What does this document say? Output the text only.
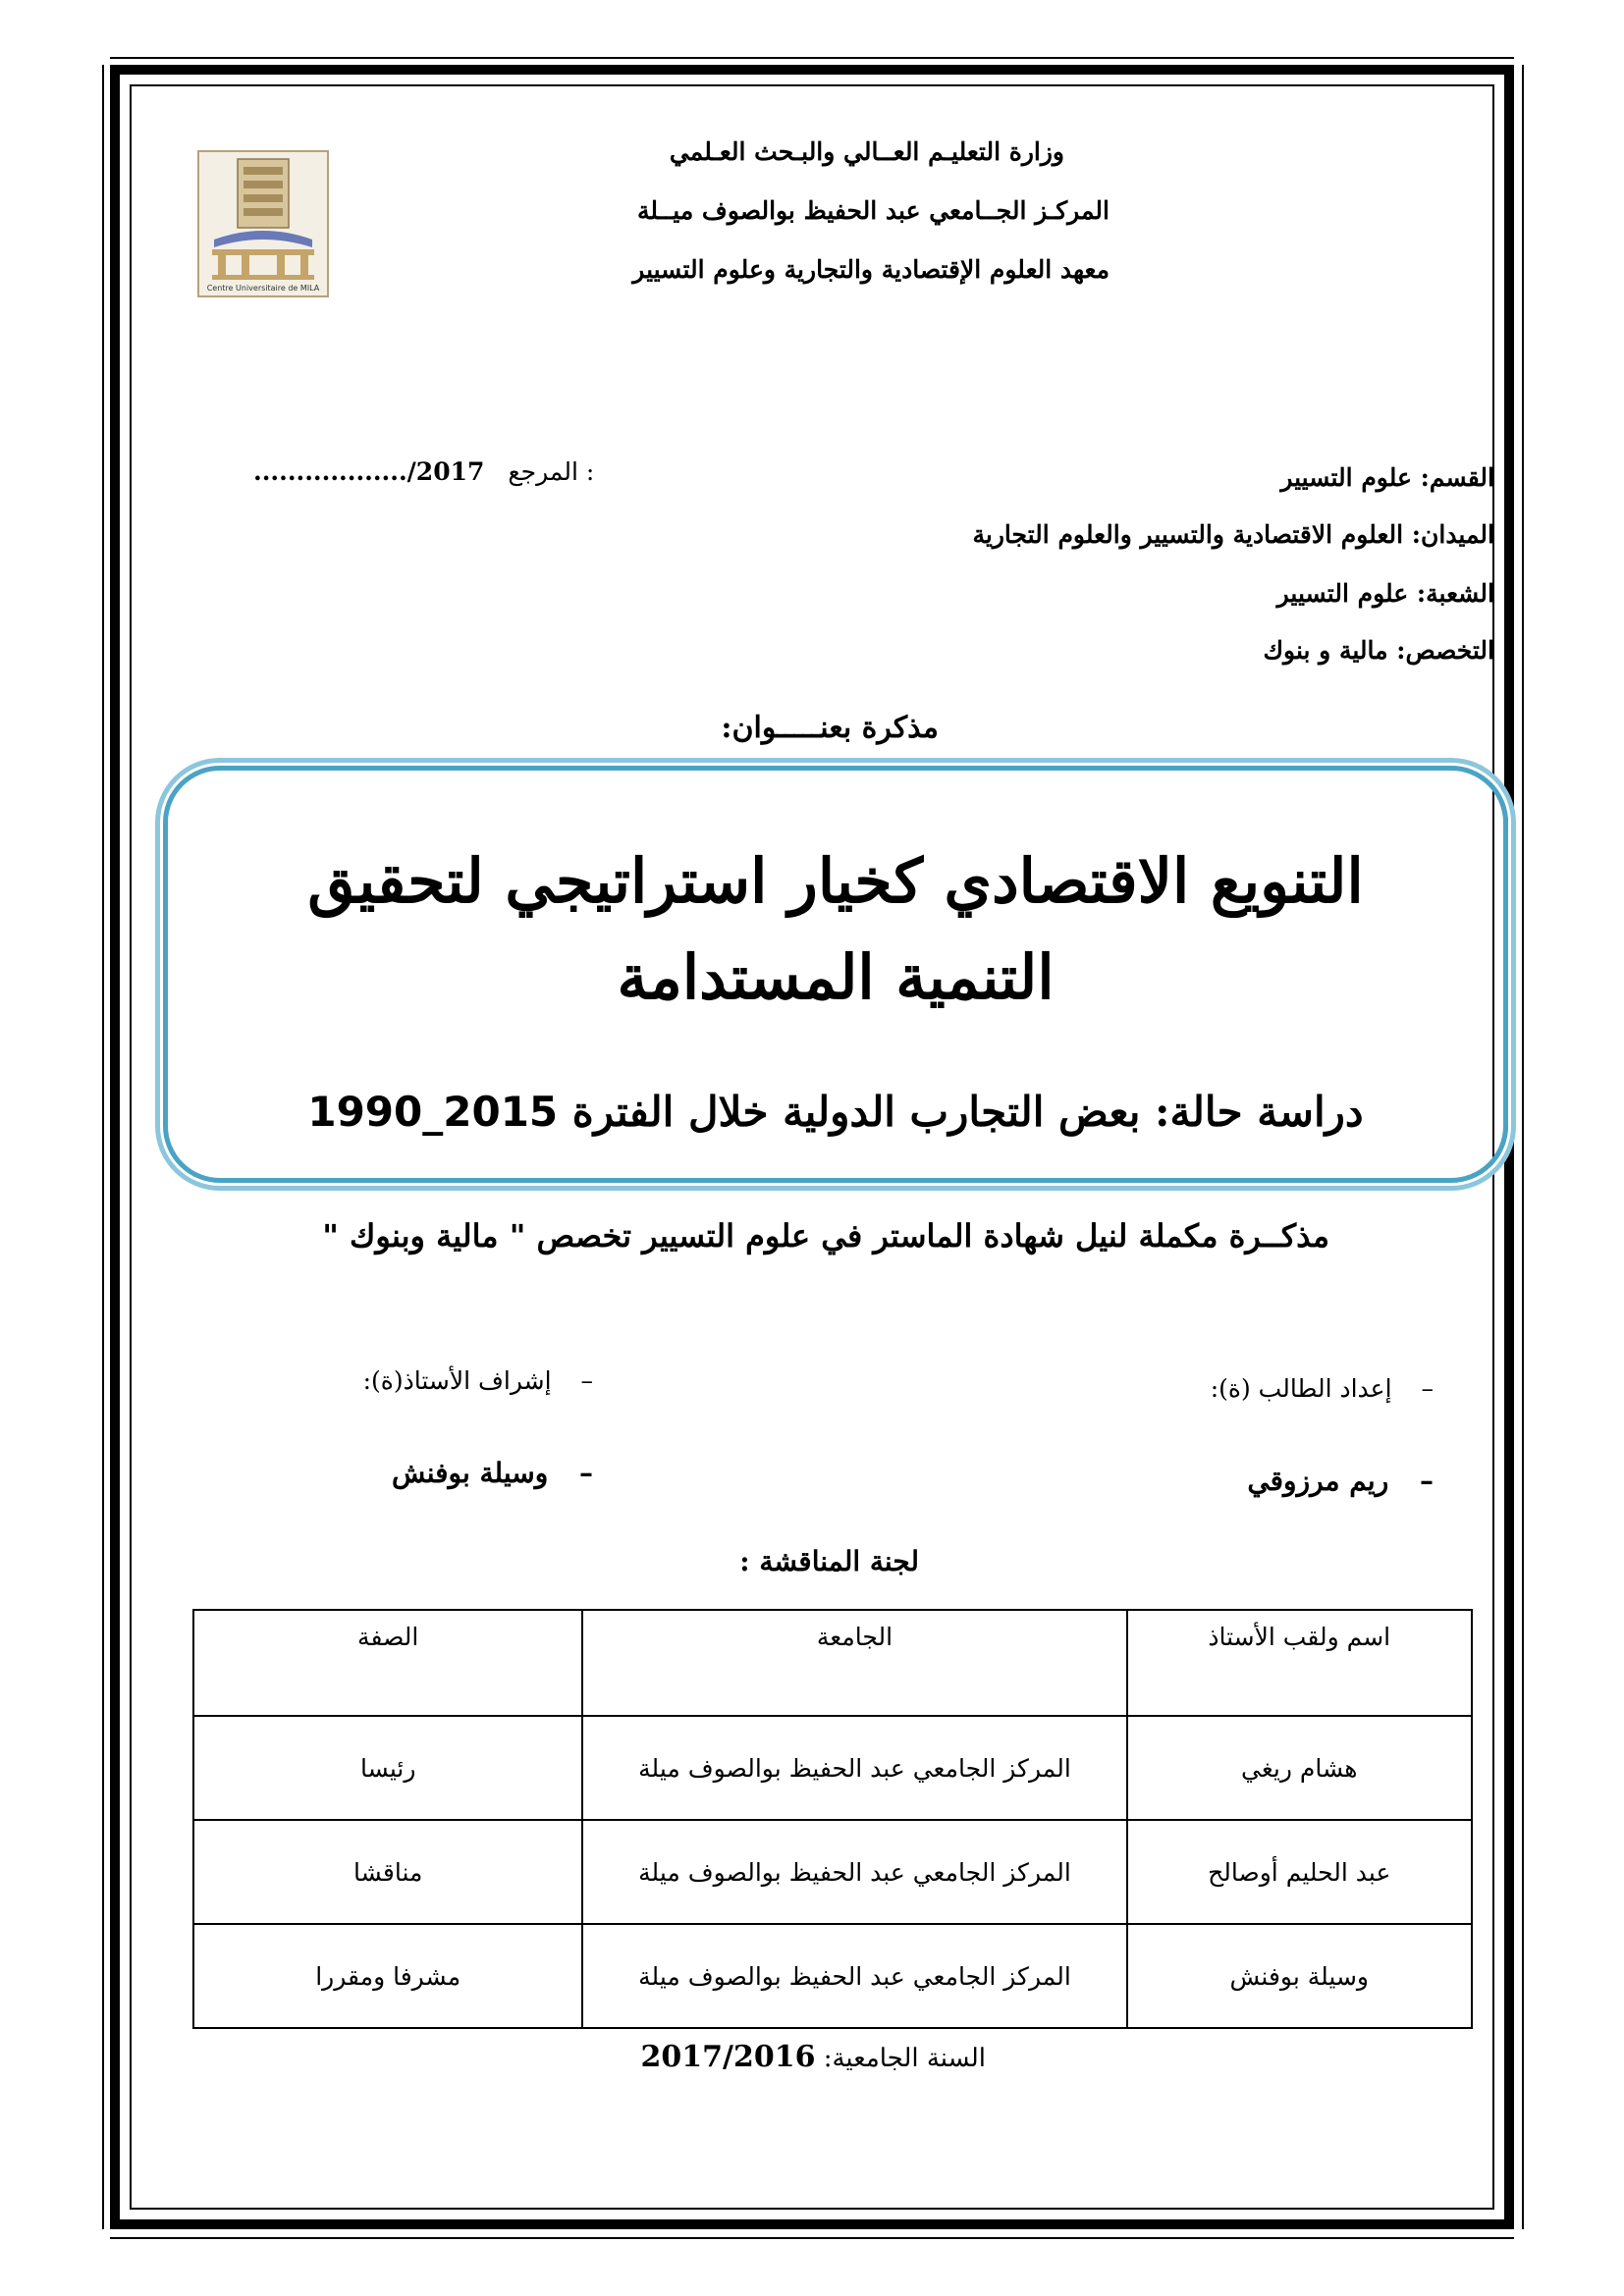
Centre Universitaire de MILA
وزارة التعليـم العــالي والبـحث العـلمي
المركـز الجــامعي عبد الحفيظ بوالصوف ميــلة
معهد العلوم الإقتصادية والتجارية وعلوم التسيير
القسم: علوم التسيير
الميدان: العلوم الاقتصادية والتسيير والعلوم التجارية
الشعبة: علوم التسيير
التخصص: مالية و بنوك
................../2017 المرجع :
مذكرة بعنـــــوان:
التنويع الاقتصادي كخيار استراتيجي لتحقيق
التنمية المستدامة
دراسة حالة: بعض التجارب الدولية خلال الفترة 1990_2015
مذكــرة مكملة لنيل شهادة الماستر في علوم التسيير تخصص " مالية وبنوك "
– إعداد الطالب (ة):
– إشراف الأستاذ(ة):
– ريم مرزوقي
– وسيلة بوفنش
لجنة المناقشة :
اسم ولقب الأستاذ	الجامعة	الصفة
هشام ريغي	المركز الجامعي عبد الحفيظ بوالصوف ميلة	رئيسا
عبد الحليم أوصالح	المركز الجامعي عبد الحفيظ بوالصوف ميلة	مناقشا
وسيلة بوفنش	المركز الجامعي عبد الحفيظ بوالصوف ميلة	مشرفا ومقررا
السنة الجامعية: 2017/2016
